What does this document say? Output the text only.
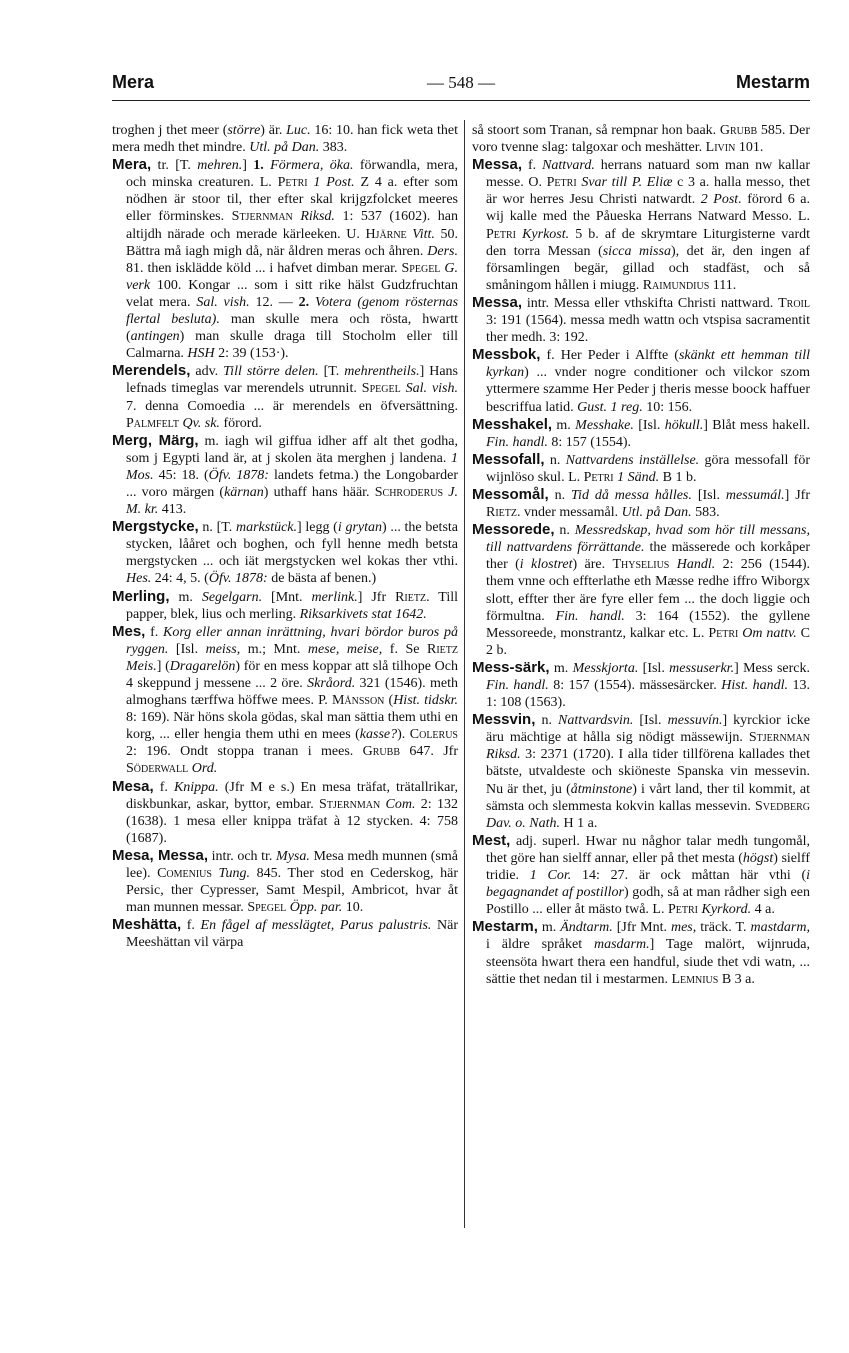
Mera	— 548 —	Mestarm

troghen j thet meer (större) är. Luc. 16: 10. han fick weta thet mera medh thet mindre. Utl. på Dan. 383.

Mera, tr. [T. mehren.] 1. Förmera, öka. förwandla, mera, och minska creaturen. L. Petri 1 Post. Z 4 a. efter som nödhen är stoor til, ther efter skal krijgzfolcket meeres eller förminskes. Stjernman Riksd. 1: 537 (1602). han altijdh närade och merade kärleeken. U. Hjärne Vitt. 50. Bättra må iagh migh då, när åldren meras och åhren. Ders. 81. then isklädde köld ... i hafvet dimban merar. Spegel G. verk 100. Kongar ... som i sitt rike hälst Gudzfruchtan velat mera. Sal. vish. 12. — 2. Votera (genom rösternas flertal besluta). man skulle mera och rösta, hwartt (antingen) man skulle draga till Stocholm eller till Calmarna. HSH 2: 39 (153·).

Merendels, adv. Till större delen. [T. mehrentheils.] Hans lefnads timeglas var merendels utrunnit. Spegel Sal. vish. 7. denna Comoedia ... är merendels en öfversättning. Palmfelt Qv. sk. förord.

Merg, Märg, m. iagh wil giffua idher aff alt thet godha, som j Egypti land är, at j skolen äta merghen j landena. 1 Mos. 45: 18. (Öfv. 1878: landets fetma.) the Longobarder ... voro märgen (kärnan) uthaff hans häär. Schroderus J. M. kr. 413.

Mergstycke, n. [T. markstück.] legg (i grytan) ... the betsta stycken, lååret och boghen, och fyll henne medh betsta mergstycken ... och iät mergstycken wel kokas ther vthi. Hes. 24: 4, 5. (Öfv. 1878: de bästa af benen.)

Merling, m. Segelgarn. [Mnt. merlink.] Jfr Rietz. Till papper, blek, lius och merling. Riksarkivets stat 1642.

Mes, f. Korg eller annan inrättning, hvari bördor buros på ryggen. [Isl. meiss, m.; Mnt. mese, meise, f. Se Rietz Meis.] (Dragarelön) för en mess koppar att slå tilhope Och 4 skeppund j messene ... 2 öre. Skråord. 321 (1546). meth almoghans tærffwa höffwe mees. P. Månsson (Hist. tidskr. 8: 169). När höns skola gödas, skal man sättia them uthi en korg, ... eller hengia them uthi en mees (kasse?). Colerus 2: 196. Ondt stoppa tranan i mees. Grubb 647. Jfr Söderwall Ord.

Mesa, f. Knippa. (Jfr M e s.) En mesa träfat, trätallrikar, diskbunkar, askar, byttor, embar. Stjernman Com. 2: 132 (1638). 1 mesa eller knippa träfat à 12 stycken. 4: 758 (1687).

Mesa, Messa, intr. och tr. Mysa. Mesa medh munnen (små lee). Comenius Tung. 845. Ther stod en Cederskog, här Persic, ther Cypresser, Samt Mespil, Ambricot, hvar åt man munnen messar. Spegel Öpp. par. 10.

Meshätta, f. En fågel af messlägtet, Parus palustris. När Meeshättan vil värpa

så stoort som Tranan, så rempnar hon baak. Grubb 585. Der voro tvenne slag: talgoxar och meshätter. Livin 101.

Messa, f. Nattvard. herrans natuard som man nw kallar messe. O. Petri Svar till P. Eliæ c 3 a. halla messo, thet är wor herres Jesu Christi natwardt. 2 Post. förord 6 a. wij kalle med the Påueska Herrans Natward Messo. L. Petri Kyrkost. 5 b. af de skrymtare Liturgisterne vardt den torra Messan (sicca missa), det är, den ingen af församlingen begär, gillad och stadfäst, och så småningom hållen i miugg. Raimundius 111.

Messa, intr. Messa eller vthskifta Christi nattward. Troil 3: 191 (1564). messa medh wattn och vtspisa sacramentit ther medh. 3: 192.

Messbok, f. Her Peder i Alffte (skänkt ett hemman till kyrkan) ... vnder nogre conditioner och vilckor szom yttermere szamme Her Peder j theris messe boock haffuer bescriffua latid. Gust. 1 reg. 10: 156.

Messhakel, m. Messhake. [Isl. hökull.] Blåt mess hakell. Fin. handl. 8: 157 (1554).

Messofall, n. Nattvardens inställelse. göra messofall för wijnlöso skul. L. Petri 1 Sänd. B 1 b.

Messomål, n. Tid då messa hålles. [Isl. messumál.] Jfr Rietz. vnder messamål. Utl. på Dan. 583.

Messorede, n. Messredskap, hvad som hör till messans, till nattvardens förrättande. the mässerede och korkåper ther (i klostret) äre. Thyselius Handl. 2: 256 (1544). them vnne och effterlathe eth Mæsse redhe iffro Wiborgx slott, effter ther äre fyre eller fem ... the doch liggie och förmultna. Fin. handl. 3: 164 (1552). the gyllene Messoreede, monstrantz, kalkar etc. L. Petri Om nattv. C 2 b.

Mess-särk, m. Messkjorta. [Isl. messuserkr.] Mess serck. Fin. handl. 8: 157 (1554). mässesärcker. Hist. handl. 13. 1: 108 (1563).

Messvin, n. Nattvardsvin. [Isl. messuvín.] kyrckior icke äru mächtige at hålla sig nödigt mässewijn. Stjernman Riksd. 3: 2371 (1720). I alla tider tillförena kallades thet bätste, utvaldeste och skiöneste Spanska vin messevin. Nu är thet, ju (åtminstone) i vårt land, ther til kommit, at sämsta och slemmesta kokvin kallas messevin. Svedberg Dav. o. Nath. H 1 a.

Mest, adj. superl. Hwar nu någhor talar medh tungomål, thet göre han sielff annar, eller på thet mesta (högst) sielff tridie. 1 Cor. 14: 27. är ock måttan här vthi (i begagnandet af postillor) godh, så at man rådher sigh een Postillo ... eller åt mästo twå. L. Petri Kyrkord. 4 a.

Mestarm, m. Ändtarm. [Jfr Mnt. mes, träck. T. mastdarm, i äldre språket masdarm.] Tage malört, wijnruda, steensöta hwart thera een handful, siude thet vdi watn, ... sättie thet nedan til i mestarmen. Lemnius B 3 a.
